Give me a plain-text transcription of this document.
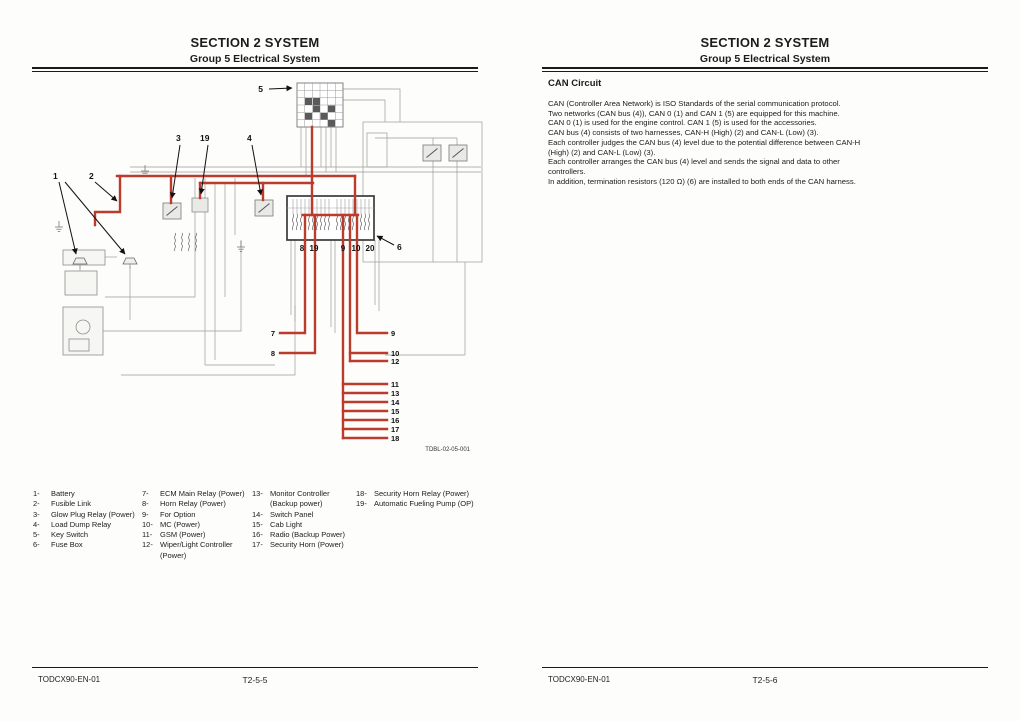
SECTION 2 SYSTEM
Group 5 Electrical System
5
1	2
3 19	4
6
8 19	9 10 20
7
8
9
10
12
11
13
14
15
16
17
18
TDBL-02-05-001
1-	Battery
2-	Fusible Link
3-	Glow Plug Relay (Power)
4-	Load Dump Relay
5-	Key Switch
6-	Fuse Box
7-	ECM Main Relay (Power)
8-	Horn Relay (Power)
9-	For Option
10- MC (Power)
11-	GSM (Power)
12- Wiper/Light Controller (Power)
13- Monitor Controller (Backup power)
14- Switch Panel
15- Cab Light
16- Radio (Backup Power)
17- Security Horn (Power)
18- Security Horn Relay (Power)
19- Automatic Fueling Pump (OP)
TODCX90-EN-01	T2-5-5
SECTION 2 SYSTEM
Group 5 Electrical System
CAN Circuit

CAN (Controller Area Network) is ISO Standards of the serial communication protocol.

Two networks (CAN bus (4)), CAN 0 (1) and CAN 1 (5) are equipped for this machine.

CAN 0 (1) is used for the engine control. CAN 1 (5) is used for the accessories.

CAN bus (4) consists of two harnesses, CAN-H (High) (2) and CAN-L (Low) (3).

Each controller judges the CAN bus (4) level due to the potential difference between CAN-H (High) (2) and CAN-L (Low) (3).

Each controller arranges the CAN bus (4) level and sends the signal and data to other controllers.

In addition, termination resistors (120 Ω) (6) are installed to both ends of the CAN harness.

TODCX90-EN-01	T2-5-6
